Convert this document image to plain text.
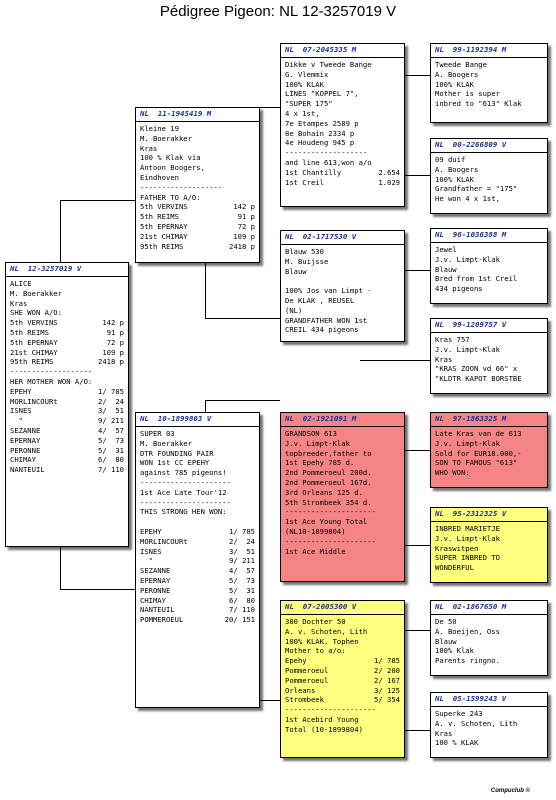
Pédigree Pigeon: NL 12-3257019 V
NL  12-3257019 V
ALICE
M. Boerakker
Kras
SHE WON A/O:
5th VERVINS	142 p
5th REIMS	91 p
5th EPERNAY	72 p
21st CHIMAY	109 p
95th REIMS	2418 p
-------------------
HER MOTHER WON A/O:
EPEHY	1/ 785
MORLINCOURt	2/  24
ISNES	3/  51
"	9/ 211
SEZANNE	4/  57
EPERNAY	5/  73
PERONNE	5/  31
CHIMAY	6/  80
NANTEUIL	7/ 110
NL  11-1945419 M
Kleine 19
M. Boerakker
Kras
100 % Klak via
Antoon Boogers,
Eindhoven
-------------------
FATHER TO A/O:
5th VERVINS	142 p
5th REIMS	91 p
5th EPERNAY	72 p
21st CHIMAY	109 p
95th REIMS	2418 p
NL  10-1899803 V
SUPER 03
M. Boerakker
DTR FOUNDING PAIR
WON 1st CC EPEHY
against 785 pigeons!
---------------------
1st Ace Late Tour'12
---------------------
THIS STRONG HEN WON:
EPEHY	1/ 785
MORLINCOURt	2/  24
ISNES	3/  51
"	9/ 211
SEZANNE	4/  57
EPERNAY	5/  73
PERONNE	5/  31
CHIMAY	6/  80
NANTEUIL	7/ 110
POMMEROEUL	20/ 151
NL  07-2045335 M
Dikke v Tweede Bange
G. Vlemmix
100% KLAK
LINES "KOPPEL 7",
"SUPER 175"
4 x 1st,
7e Etampes 2589 p
8e Bohain 2334 p
4e Houdeng 945 p
-------------------
and line 613,won a/o
1st Chantilly	2.654
1st Creil	1.029
NL  02-1717530 V
Blauw 530
M. Buijsse
Blauw
100% Jos van Limpt -
De KLAK , REUSEL
(NL)
GRANDFATHER WON 1st
CREIL 434 pigeons
NL  02-1921091 M
GRANDSON 613
J.v. Limpt-Klak
topbreeder,father to
1st Epehy 785 d.
2nd Pommeroeul 200d.
2nd Pommeroeul 167d.
3rd Orleans 125 d.
5th Strombeek 354 d.
---------------------
1st Ace Young Total
(NL10-1899804)
---------------------
1st Ace Middle
NL  07-2005300 V
300 Dochter 50
A. v. Schoten, Lith
100% KLAK. Tophen
Mother to a/o:
Epehy	1/ 785
Pommeroeul	2/ 200
Pommeroeul	2/ 167
Orleans	3/ 125
Strombeek	5/ 354
---------------------
1st Acebird Young
Total (10-1899804)
NL  99-1192394 M
Tweede Bange
A. Boogers
100% KLAK
Mother is super
inbred to "613" Klak
NL  00-2266809 V
09 duif
A. Boogers
100% KLAK
Grandfather = "175"
He won 4 x 1st,
NL  96-1036388 M
Jewel
J.v. Limpt-Klak
Blauw
Bred from 1st Creil
434 pigeons
NL  99-1209757 V
Kras 757
J.v. Limpt-Klak
Kras
"KRAS ZOON vd 66" x
"KLDTR KAPOT BORSTBE
NL  97-1863325 M
Late Kras van de 613
J.v. Limpt-Klak
Sold for EUR18.000,-
SON TO FAMOUS "613"
WHO WON:
NL  95-2312325 V
INBRED MARIETJE
J.v. Limpt-Klak
Kraswitpen
SUPER INBRED TO
WONDERFUL
NL  02-1867650 M
De 50
A. Boeijen, Oss
Blauw
100% Klak
Parents ringno.
NL  05-1599243 V
Superke 243
A. v. Schoten, Lith
Kras
100 % KLAK
Compuclub ©
